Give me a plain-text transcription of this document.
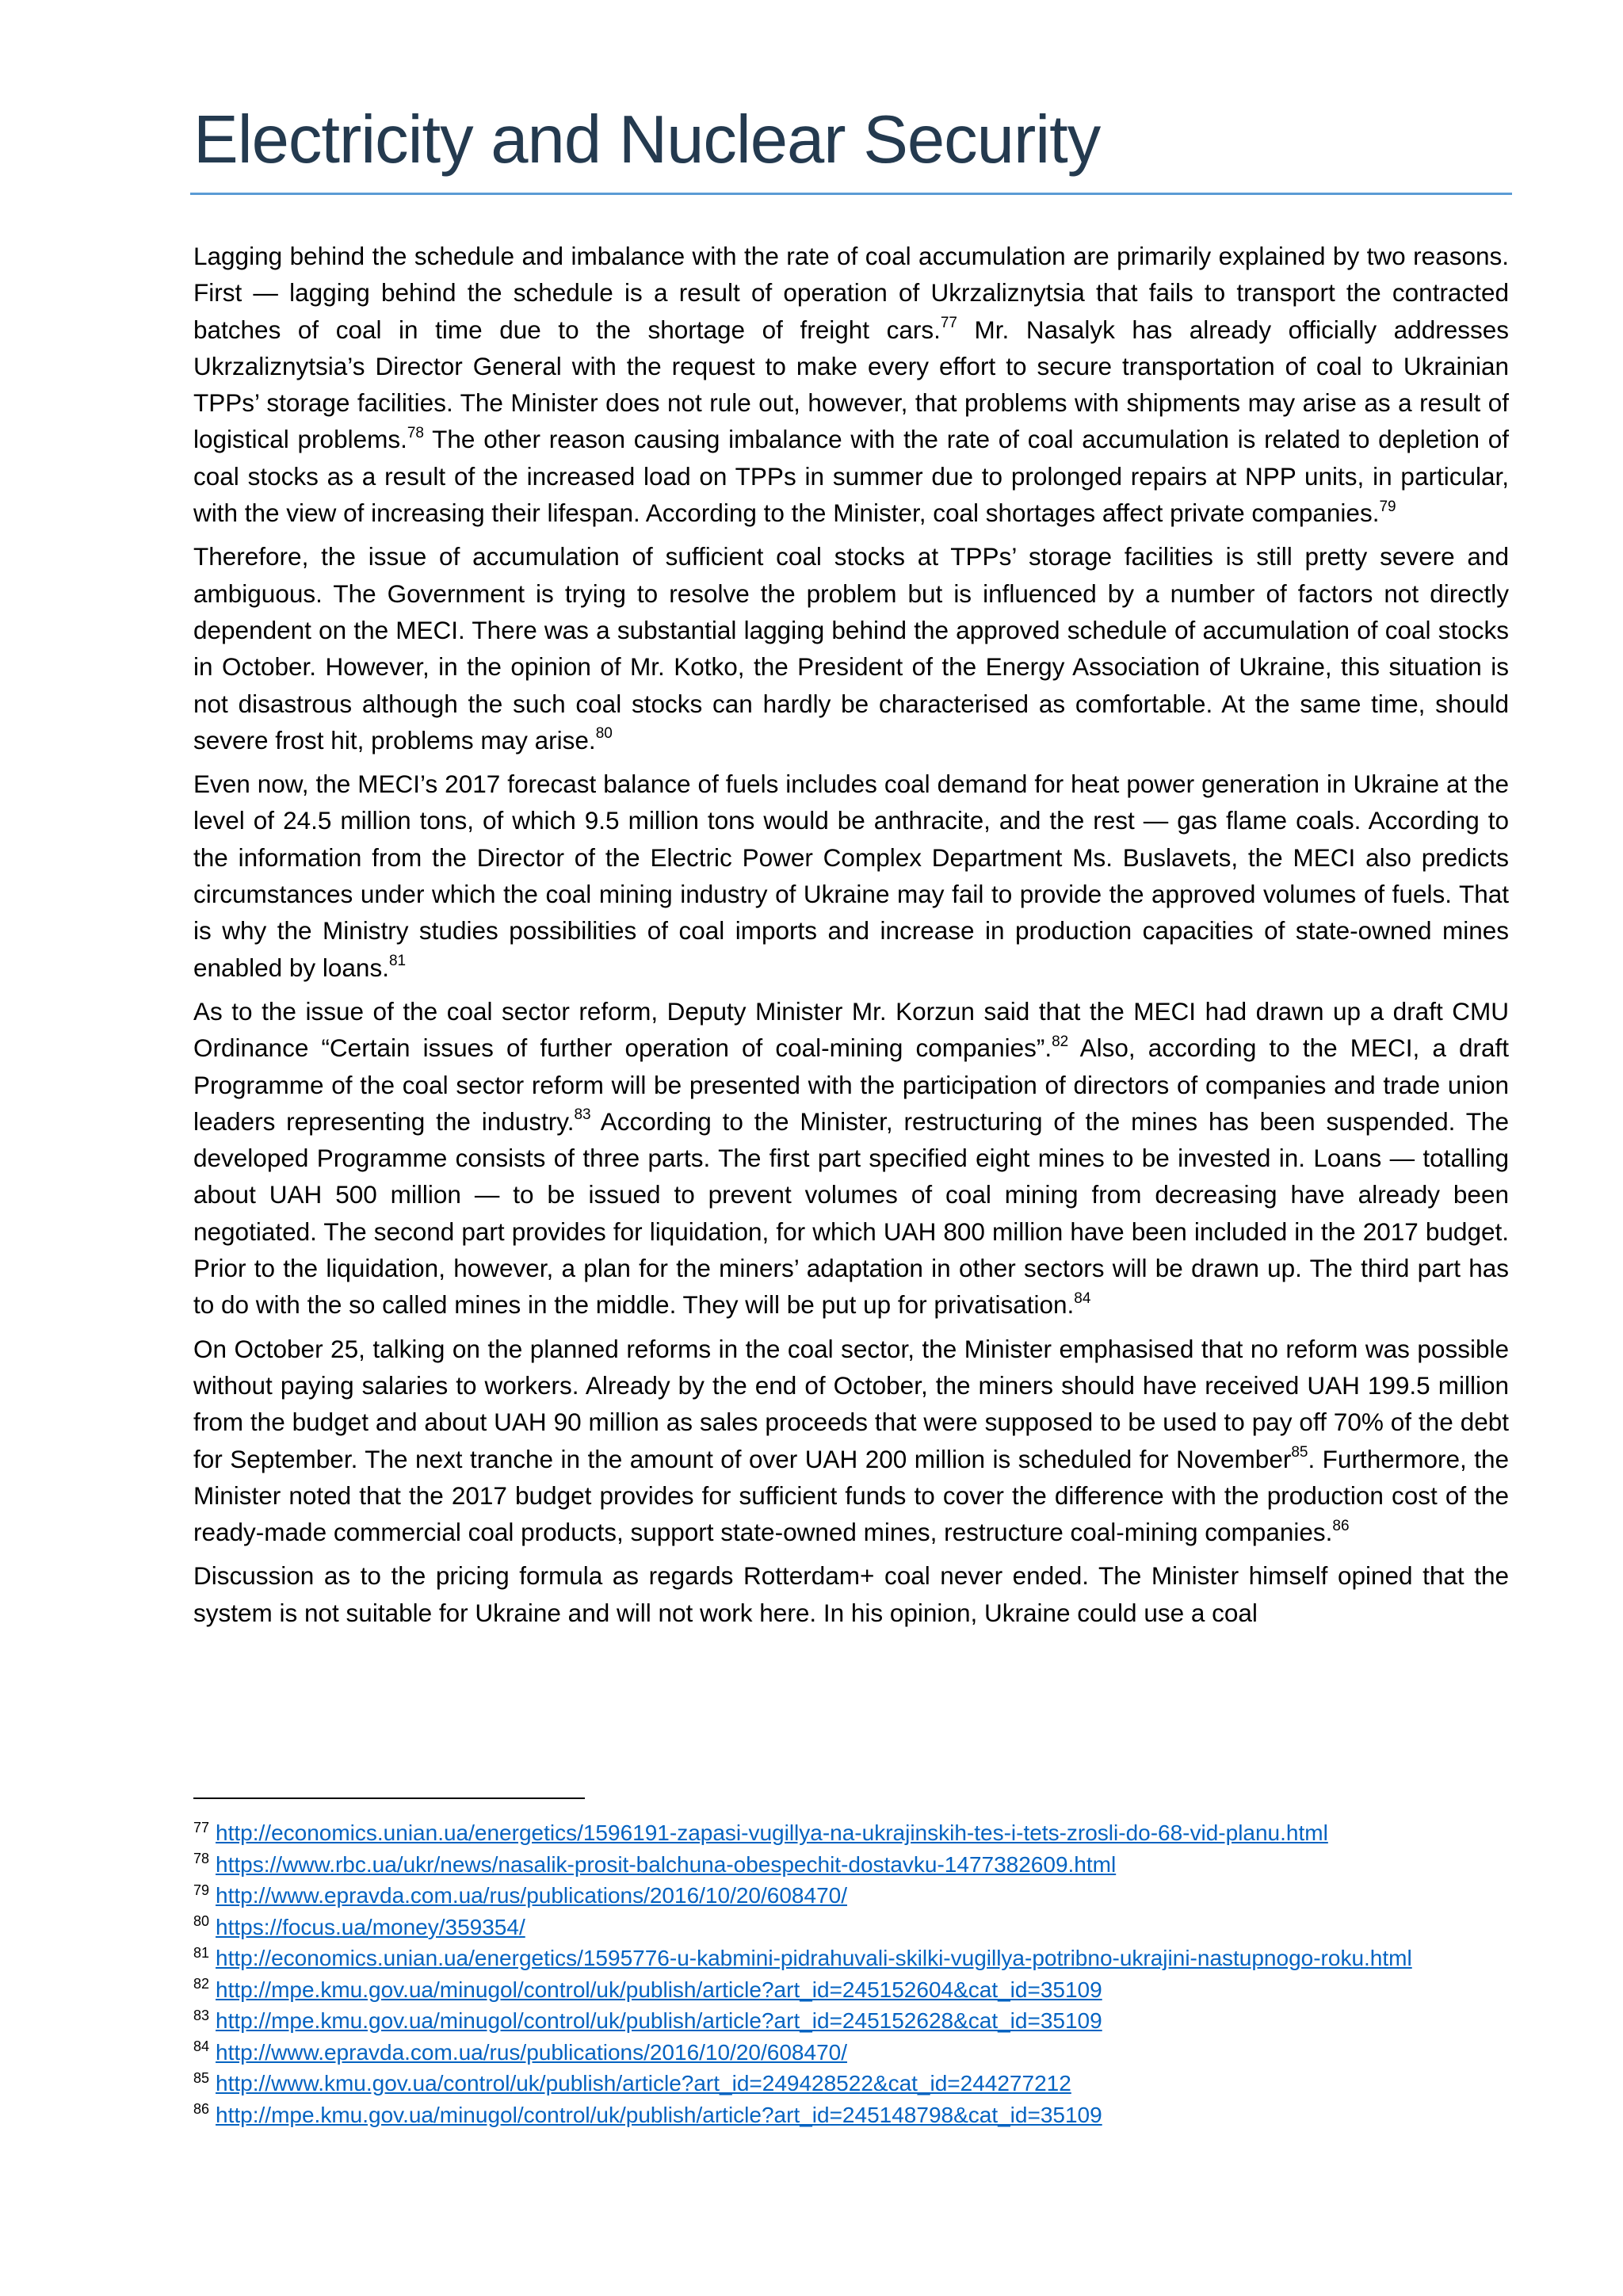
Electricity and Nuclear Security

Lagging behind the schedule and imbalance with the rate of coal accumulation are primarily explained by two reasons. First — lagging behind the schedule is a result of operation of Ukrzaliznytsia that fails to transport the contracted batches of coal in time due to the shortage of freight cars.$^{77}$ Mr. Nasalyk has already officially addresses Ukrzaliznytsia’s Director General with the request to make every effort to secure transportation of coal to Ukrainian TPPs’ storage facilities. The Minister does not rule out, however, that problems with shipments may arise as a result of logistical problems.$^{78}$ The other reason causing imbalance with the rate of coal accumulation is related to depletion of coal stocks as a result of the increased load on TPPs in summer due to prolonged repairs at NPP units, in particular, with the view of increasing their lifespan. According to the Minister, coal shortages affect private companies.$^{79}$

Therefore, the issue of accumulation of sufficient coal stocks at TPPs’ storage facilities is still pretty severe and ambiguous. The Government is trying to resolve the problem but is influenced by a number of factors not directly dependent on the MECI. There was a substantial lagging behind the approved schedule of accumulation of coal stocks in October. However, in the opinion of Mr. Kotko, the President of the Energy Association of Ukraine, this situation is not disastrous although the such coal stocks can hardly be characterised as comfortable. At the same time, should severe frost hit, problems may arise.$^{80}$

Even now, the MECI’s 2017 forecast balance of fuels includes coal demand for heat power generation in Ukraine at the level of 24.5 million tons, of which 9.5 million tons would be anthracite, and the rest — gas flame coals. According to the information from the Director of the Electric Power Complex Department Ms. Buslavets, the MECI also predicts circumstances under which the coal mining industry of Ukraine may fail to provide the approved volumes of fuels. That is why the Ministry studies possibilities of coal imports and increase in production capacities of state-owned mines enabled by loans.$^{81}$

As to the issue of the coal sector reform, Deputy Minister Mr. Korzun said that the MECI had drawn up a draft CMU Ordinance “Certain issues of further operation of coal-mining companies”.$^{82}$ Also, according to the MECI, a draft Programme of the coal sector reform will be presented with the participation of directors of companies and trade union leaders representing the industry.$^{83}$ According to the Minister, restructuring of the mines has been suspended. The developed Programme consists of three parts. The first part specified eight mines to be invested in. Loans — totalling about UAH 500 million — to be issued to prevent volumes of coal mining from decreasing have already been negotiated. The second part provides for liquidation, for which UAH 800 million have been included in the 2017 budget. Prior to the liquidation, however, a plan for the miners’ adaptation in other sectors will be drawn up. The third part has to do with the so called mines in the middle. They will be put up for privatisation.$^{84}$

On October 25, talking on the planned reforms in the coal sector, the Minister emphasised that no reform was possible without paying salaries to workers. Already by the end of October, the miners should have received UAH 199.5 million from the budget and about UAH 90 million as sales proceeds that were supposed to be used to pay off 70% of the debt for September. The next tranche in the amount of over UAH 200 million is scheduled for November$^{85}$. Furthermore, the Minister noted that the 2017 budget provides for sufficient funds to cover the difference with the production cost of the ready-made commercial coal products, support state-owned mines, restructure coal-mining companies.$^{86}$

Discussion as to the pricing formula as regards Rotterdam+ coal never ended. The Minister himself opined that the system is not suitable for Ukraine and will not work here. In his opinion, Ukraine could use a coal

$^{77}$ http://economics.unian.ua/energetics/1596191-zapasi-vugillya-na-ukrajinskih-tes-i-tets-zrosli-do-68-vid-planu.html

$^{78}$ https://www.rbc.ua/ukr/news/nasalik-prosit-balchuna-obespechit-dostavku-1477382609.html

$^{79}$ http://www.epravda.com.ua/rus/publications/2016/10/20/608470/

$^{80}$ https://focus.ua/money/359354/

$^{81}$ http://economics.unian.ua/energetics/1595776-u-kabmini-pidrahuvali-skilki-vugillya-potribno-ukrajini-nastupnogo-roku.html

$^{82}$ http://mpe.kmu.gov.ua/minugol/control/uk/publish/article?art_id=245152604&cat_id=35109

$^{83}$ http://mpe.kmu.gov.ua/minugol/control/uk/publish/article?art_id=245152628&cat_id=35109

$^{84}$ http://www.epravda.com.ua/rus/publications/2016/10/20/608470/

$^{85}$ http://www.kmu.gov.ua/control/uk/publish/article?art_id=249428522&cat_id=244277212

$^{86}$ http://mpe.kmu.gov.ua/minugol/control/uk/publish/article?art_id=245148798&cat_id=35109
